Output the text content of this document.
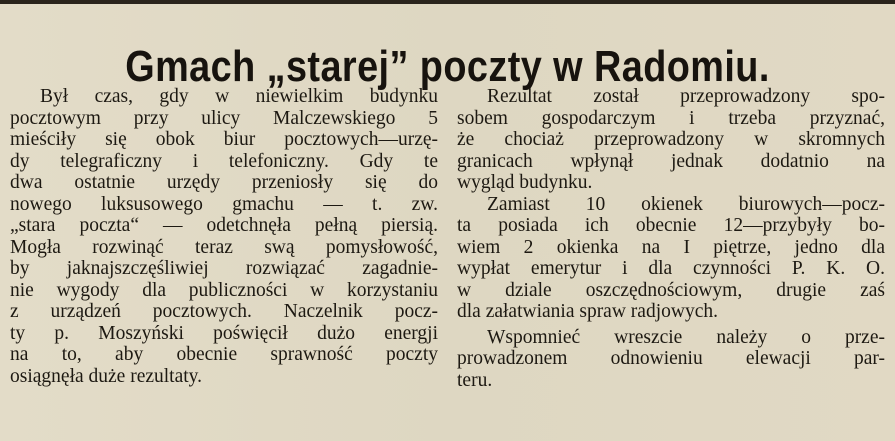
Gmach „starej” poczty w Radomiu.
Był czas, gdy w niewielkim budynku
pocztowym przy ulicy Malczewskiego 5
mieściły się obok biur pocztowych—urzę-
dy telegraficzny i telefoniczny. Gdy te
dwa ostatnie urzędy przeniosły się do
nowego luksusowego gmachu — t. zw.
„stara poczta“ — odetchnęła pełną piersią.
Mogła rozwinąć teraz swą pomysłowość,
by jaknajszczęśliwiej rozwiązać zagadnie-
nie wygody dla publiczności w korzystaniu
z urządzeń pocztowych. Naczelnik pocz-
ty p. Moszyński poświęcił dużo energji
na to, aby obecnie sprawność poczty
osiągnęła duże rezultaty.
Rezultat został przeprowadzony spo-
sobem gospodarczym i trzeba przyznać,
że chociaż przeprowadzony w skromnych
granicach wpłynął jednak dodatnio na
wygląd budynku.
Zamiast 10 okienek biurowych—pocz-
ta posiada ich obecnie 12—przybyły bo-
wiem 2 okienka na I piętrze, jedno dla
wypłat emerytur i dla czynności P. K. O.
w dziale oszczędnościowym, drugie zaś
dla załatwiania spraw radjowych.
Wspomnieć wreszcie należy o prze-
prowadzonem odnowieniu elewacji par-
teru.
